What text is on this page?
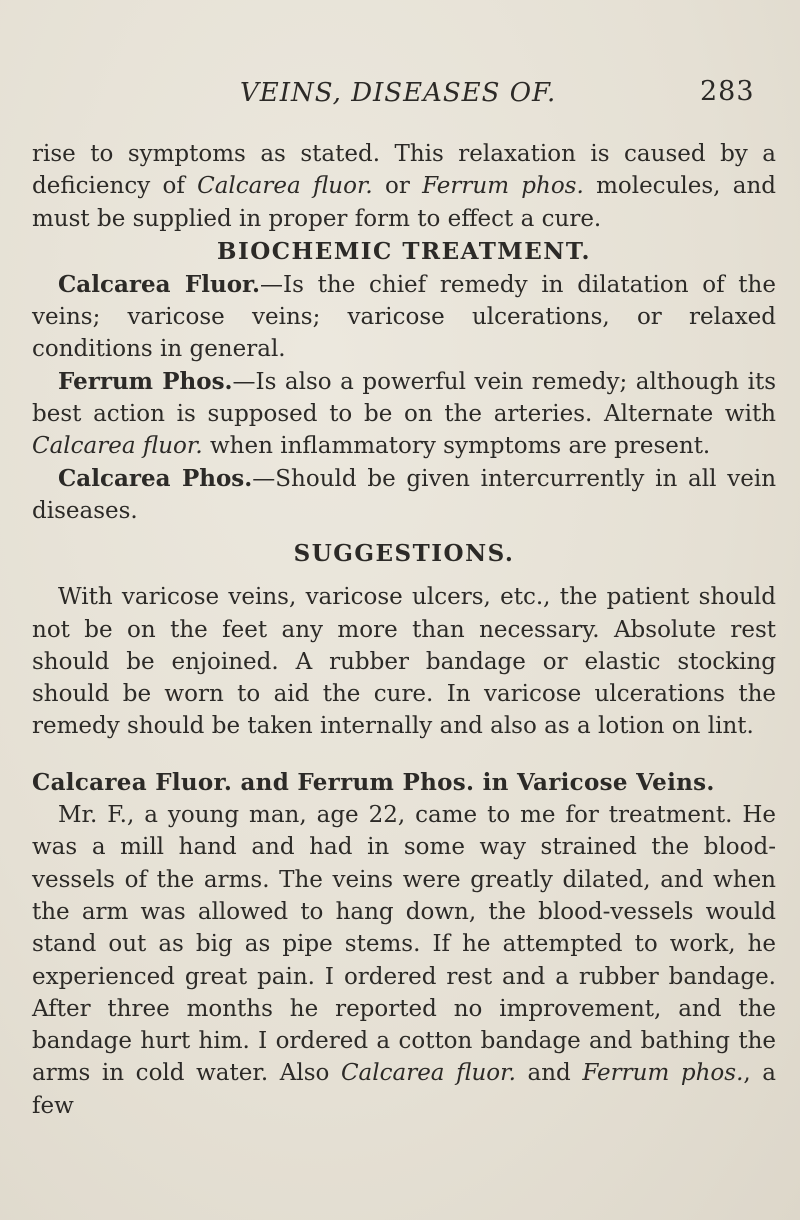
VEINS, DISEASES OF.	283

rise to symptoms as stated. This relaxation is caused by a deficiency of Calcarea fluor. or Ferrum phos. molecules, and must be supplied in proper form to effect a cure.

BIOCHEMIC TREATMENT.

Calcarea Fluor.—Is the chief remedy in dilatation of the veins; varicose veins; varicose ulcerations, or relaxed conditions in general.

Ferrum Phos.—Is also a powerful vein remedy; although its best action is supposed to be on the arteries. Alternate with Calcarea fluor. when inflammatory symptoms are present.

Calcarea Phos.—Should be given intercurrently in all vein diseases.

SUGGESTIONS.

With varicose veins, varicose ulcers, etc., the patient should not be on the feet any more than necessary. Absolute rest should be enjoined. A rubber bandage or elastic stocking should be worn to aid the cure. In varicose ulcerations the remedy should be taken internally and also as a lotion on lint.

Calcarea Fluor. and Ferrum Phos. in Varicose Veins.

Mr. F., a young man, age 22, came to me for treatment. He was a mill hand and had in some way strained the blood-vessels of the arms. The veins were greatly dilated, and when the arm was allowed to hang down, the blood-vessels would stand out as big as pipe stems. If he attempted to work, he experienced great pain. I ordered rest and a rubber bandage. After three months he reported no improvement, and the bandage hurt him. I ordered a cotton bandage and bathing the arms in cold water. Also Calcarea fluor. and Ferrum phos., a few
